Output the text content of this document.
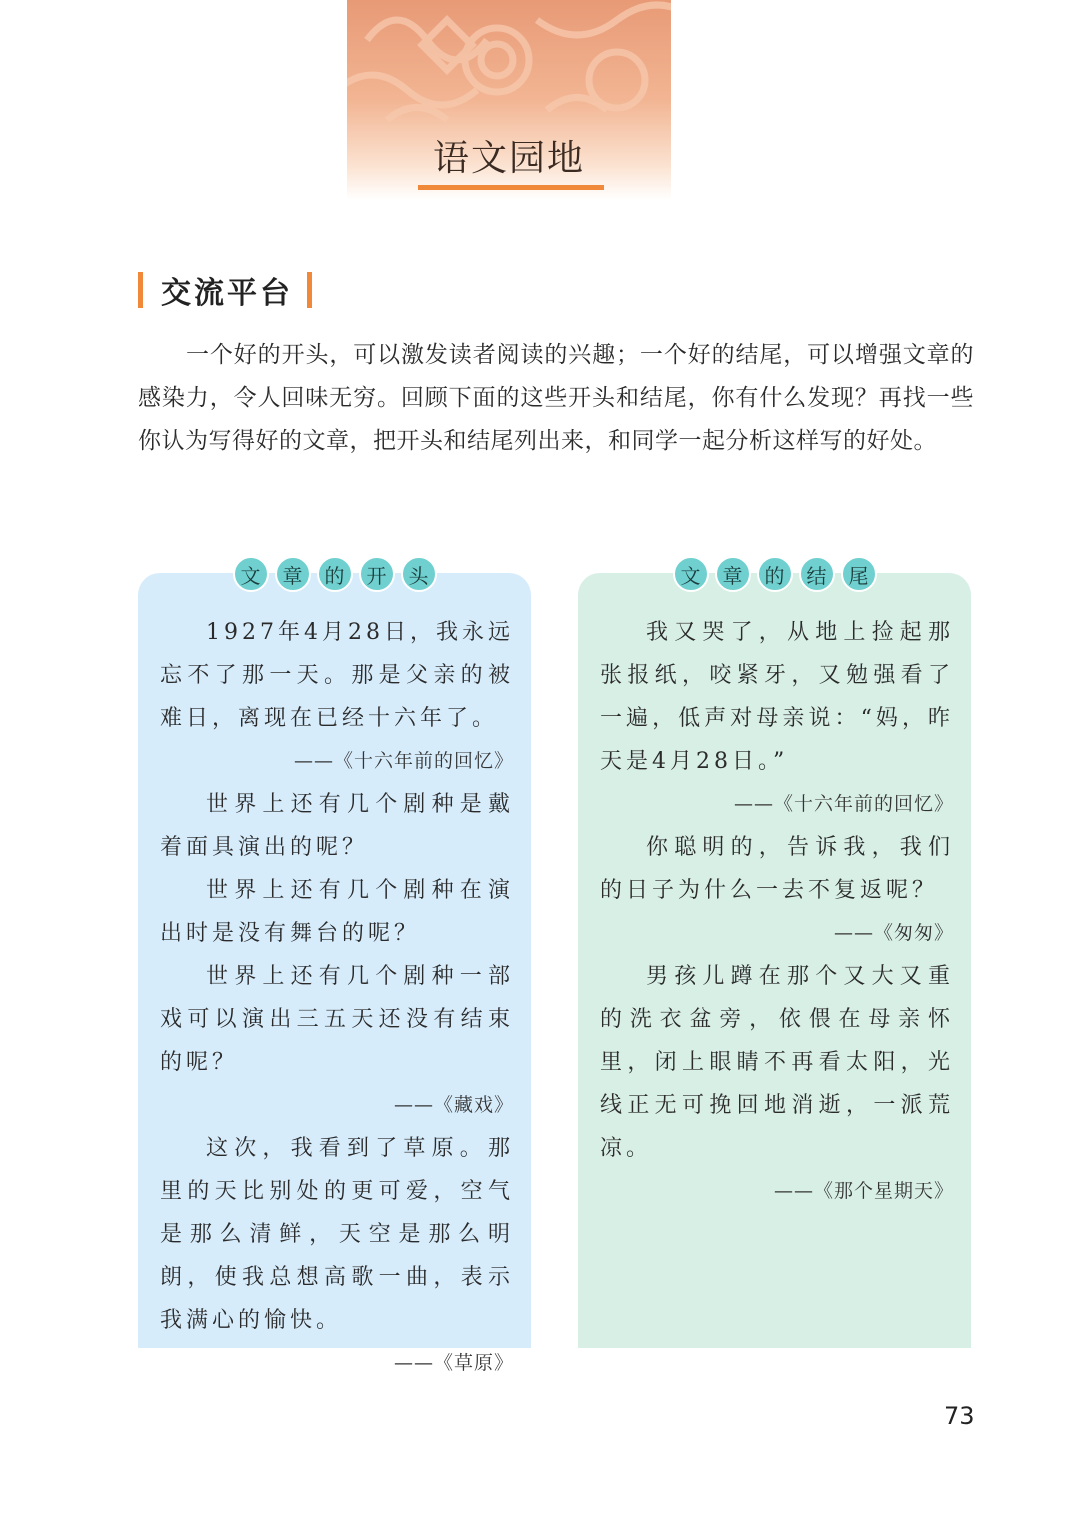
语文园地
交流平台
一个好的开头，可以激发读者阅读的兴趣；一个好的结尾，可以增强文章的感染力，令人回味无穷。回顾下面的这些开头和结尾，你有什么发现？再找一些你认为写得好的文章，把开头和结尾列出来，和同学一起分析这样写的好处。
文	章	的	开	头

1927年4月28日，我永远忘不了那一天。那是父亲的被难日，离现在已经十六年了。

——《十六年前的回忆》

世界上还有几个剧种是戴着面具演出的呢？

世界上还有几个剧种在演出时是没有舞台的呢？

世界上还有几个剧种一部戏可以演出三五天还没有结束的呢？

——《藏戏》

这次，我看到了草原。那里的天比别处的更可爱，空气是那么清鲜，天空是那么明朗，使我总想高歌一曲，表示我满心的愉快。

——《草原》

文	章	的	结	尾

我又哭了，从地上捡起那张报纸，咬紧牙，又勉强看了一遍，低声对母亲说：“妈，昨天是4月28日。”

——《十六年前的回忆》

你聪明的，告诉我，我们的日子为什么一去不复返呢？

——《匆匆》

男孩儿蹲在那个又大又重的洗衣盆旁，依偎在母亲怀里，闭上眼睛不再看太阳，光线正无可挽回地消逝，一派荒凉。

——《那个星期天》

73
